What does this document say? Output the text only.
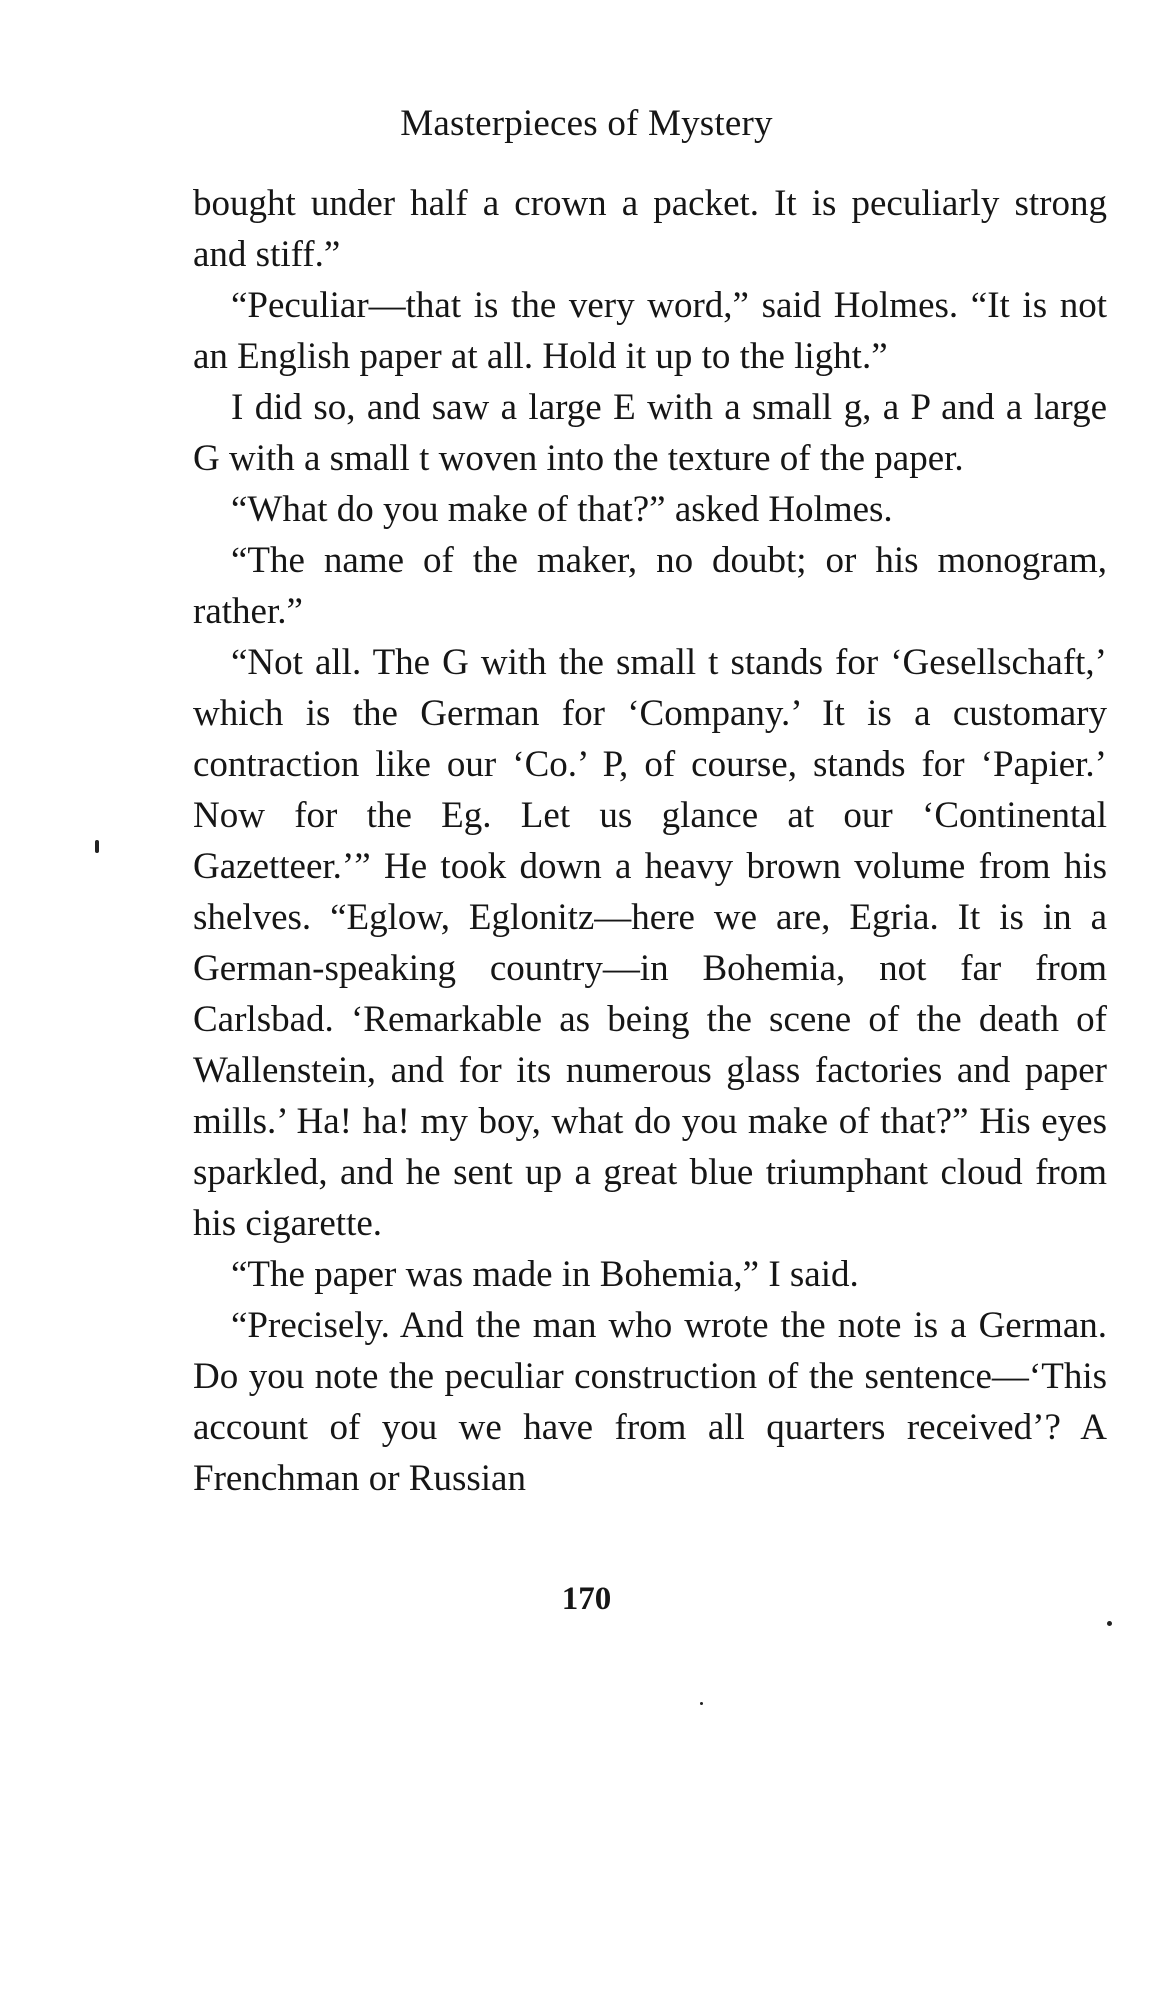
Masterpieces of Mystery

bought under half a crown a packet. It is peculiarly strong and stiff.”

“Peculiar—that is the very word,” said Holmes. “It is not an English paper at all. Hold it up to the light.”

I did so, and saw a large E with a small g, a P and a large G with a small t woven into the texture of the paper.

“What do you make of that?” asked Holmes.

“The name of the maker, no doubt; or his monogram, rather.”

“Not all. The G with the small t stands for ‘Gesellschaft,’ which is the German for ‘Company.’ It is a customary contraction like our ‘Co.’ P, of course, stands for ‘Papier.’ Now for the Eg. Let us glance at our ‘Continental Gazetteer.’” He took down a heavy brown volume from his shelves. “Eglow, Eglonitz—here we are, Egria. It is in a German-speaking country—in Bohemia, not far from Carlsbad. ‘Remarkable as being the scene of the death of Wallenstein, and for its numerous glass factories and paper mills.’ Ha! ha! my boy, what do you make of that?” His eyes sparkled, and he sent up a great blue triumphant cloud from his cigarette.

“The paper was made in Bohemia,” I said.

“Precisely. And the man who wrote the note is a German. Do you note the peculiar construction of the sentence—‘This account of you we have from all quarters received’? A Frenchman or Russian

170
